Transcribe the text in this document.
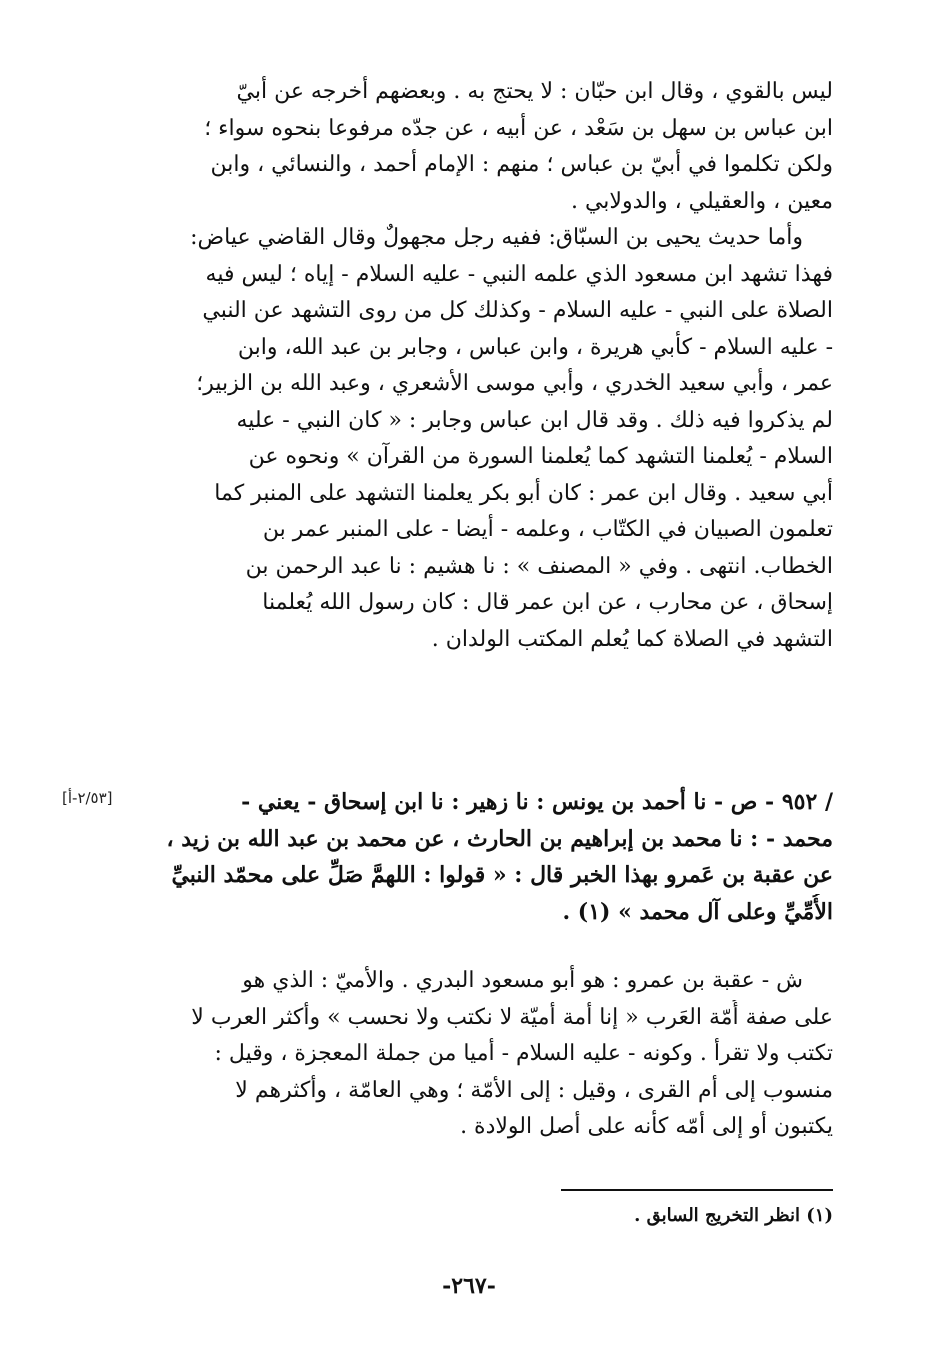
ليس بالقوي ، وقال ابن حبّان : لا يحتج به . وبعضهم أخرجه عن أبيّ
ابن عباس بن سهل بن سَعْد ، عن أبيه ، عن جدّه مرفوعا بنحوه سواء ؛
ولكن تكلموا في أبيّ بن عباس ؛ منهم : الإمام أحمد ، والنسائي ، وابن
معين ، والعقيلي ، والدولابي .
وأما حديث يحيى بن السبّاق: ففيه رجل مجهولٌ وقال القاضي عياض:
فهذا تشهد ابن مسعود الذي علمه النبي - عليه السلام - إياه ؛ ليس فيه
الصلاة على النبي - عليه السلام - وكذلك كل من روى التشهد عن النبي
- عليه السلام - كأبي هريرة ، وابن عباس ، وجابر بن عبد الله، وابن
عمر ، وأبي سعيد الخدري ، وأبي موسى الأشعري ، وعبد الله بن الزبير؛
لم يذكروا فيه ذلك . وقد قال ابن عباس وجابر : « كان النبي - عليه
السلام - يُعلمنا التشهد كما يُعلمنا السورة من القرآن » ونحوه عن
أبي سعيد . وقال ابن عمر : كان أبو بكر يعلمنا التشهد على المنبر كما
تعلمون الصبيان في الكتّاب ، وعلمه - أيضا - على المنبر عمر بن
الخطاب. انتهى . وفي « المصنف » : نا هشيم : نا عبد الرحمن بن
إسحاق ، عن محارب ، عن ابن عمر قال : كان رسول الله يُعلمنا
التشهد في الصلاة كما يُعلم المكتب الولدان .
[٢/٥٣-أ]	/ ٩٥٢ - ص - نا أحمد بن يونس : نا زهير : نا ابن إسحاق - يعني -
محمد - : نا محمد بن إبراهيم بن الحارث ، عن محمد بن عبد الله بن زيد ،
عن عقبة بن عَمرو بهذا الخبر قال : « قولوا : اللهمَّ صَلِّ على محمّد النبيِّ
الأُمِّيِّ وعلى آل محمد » (١) .
ش - عقبة بن عمرو : هو أبو مسعود البدري . والأميّ : الذي هو
على صفة أُمّة العَرب « إنا أمة أميّة لا نكتب ولا نحسب » وأكثر العرب لا
تكتب ولا تقرأ . وكونه - عليه السلام - أميا من جملة المعجزة ، وقيل :
منسوب إلى أم القرى ، وقيل : إلى الأمّة ؛ وهي العامّة ، وأكثرهم لا
يكتبون أو إلى أمّه كأنه على أصل الولادة .
(١) انظر التخريج السابق .
-٢٦٧-
